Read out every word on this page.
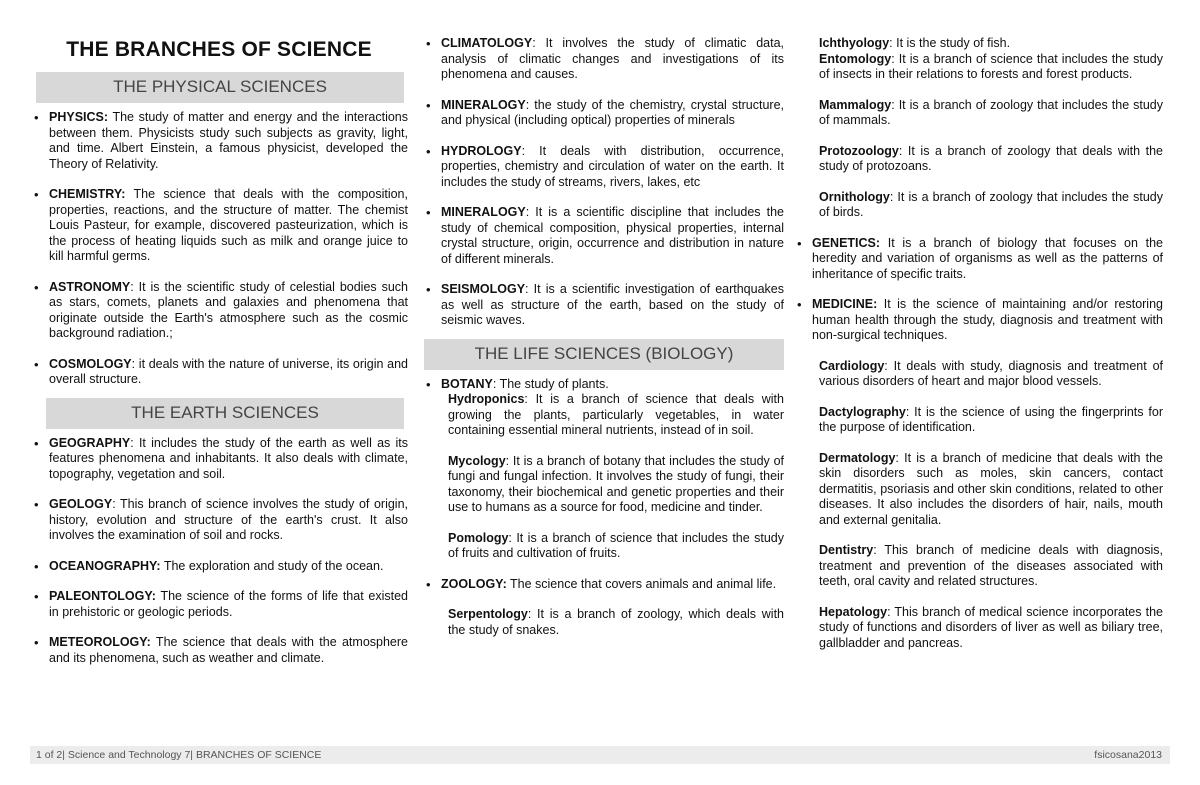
THE BRANCHES OF SCIENCE
THE PHYSICAL SCIENCES
• PHYSICS: The study of matter and energy and the interactions between them. Physicists study such subjects as gravity, light, and time. Albert Einstein, a famous physicist, developed the Theory of Relativity.
• CHEMISTRY: The science that deals with the composition, properties, reactions, and the structure of matter. The chemist Louis Pasteur, for example, discovered pasteurization, which is the process of heating liquids such as milk and orange juice to kill harmful germs.
• ASTRONOMY: It is the scientific study of celestial bodies such as stars, comets, planets and galaxies and phenomena that originate outside the Earth's atmosphere such as the cosmic background radiation.;
• COSMOLOGY: it deals with the nature of universe, its origin and overall structure.
THE EARTH SCIENCES
• GEOGRAPHY: It includes the study of the earth as well as its features phenomena and inhabitants. It also deals with climate, topography, vegetation and soil.
• GEOLOGY: This branch of science involves the study of origin, history, evolution and structure of the earth's crust. It also involves the examination of soil and rocks.
• OCEANOGRAPHY: The exploration and study of the ocean.
• PALEONTOLOGY: The science of the forms of life that existed in prehistoric or geologic periods.
• METEOROLOGY: The science that deals with the atmosphere and its phenomena, such as weather and climate.
• CLIMATOLOGY: It involves the study of climatic data, analysis of climatic changes and investigations of its phenomena and causes.
• MINERALOGY: the study of the chemistry, crystal structure, and physical (including optical) properties of minerals
• HYDROLOGY: It deals with distribution, occurrence, properties, chemistry and circulation of water on the earth. It includes the study of streams, rivers, lakes, etc
• MINERALOGY: It is a scientific discipline that includes the study of chemical composition, physical properties, internal crystal structure, origin, occurrence and distribution in nature of different minerals.
• SEISMOLOGY: It is a scientific investigation of earthquakes as well as structure of the earth, based on the study of seismic waves.
THE LIFE SCIENCES (BIOLOGY)
• BOTANY: The study of plants.
Hydroponics: It is a branch of science that deals with growing the plants, particularly vegetables, in water containing essential mineral nutrients, instead of in soil.
Mycology: It is a branch of botany that includes the study of fungi and fungal infection. It involves the study of fungi, their taxonomy, their biochemical and genetic properties and their use to humans as a source for food, medicine and tinder.
Pomology: It is a branch of science that includes the study of fruits and cultivation of fruits.
• ZOOLOGY: The science that covers animals and animal life.
Serpentology: It is a branch of zoology, which deals with the study of snakes.
Ichthyology: It is the study of fish.
Entomology: It is a branch of science that includes the study of insects in their relations to forests and forest products.
Mammalogy: It is a branch of zoology that includes the study of mammals.
Protozoology: It is a branch of zoology that deals with the study of protozoans.
Ornithology: It is a branch of zoology that includes the study of birds.
• GENETICS: It is a branch of biology that focuses on the heredity and variation of organisms as well as the patterns of inheritance of specific traits.
• MEDICINE: It is the science of maintaining and/or restoring human health through the study, diagnosis and treatment with non-surgical techniques.
Cardiology: It deals with study, diagnosis and treatment of various disorders of heart and major blood vessels.
Dactylography: It is the science of using the fingerprints for the purpose of identification.
Dermatology: It is a branch of medicine that deals with the skin disorders such as moles, skin cancers, contact dermatitis, psoriasis and other skin conditions, related to other diseases. It also includes the disorders of hair, nails, mouth and external genitalia.
Dentistry: This branch of medicine deals with diagnosis, treatment and prevention of the diseases associated with teeth, oral cavity and related structures.
Hepatology: This branch of medical science incorporates the study of functions and disorders of liver as well as biliary tree, gallbladder and pancreas.
1 of 2| Science and Technology 7| BRANCHES OF SCIENCE	fsicosana2013
